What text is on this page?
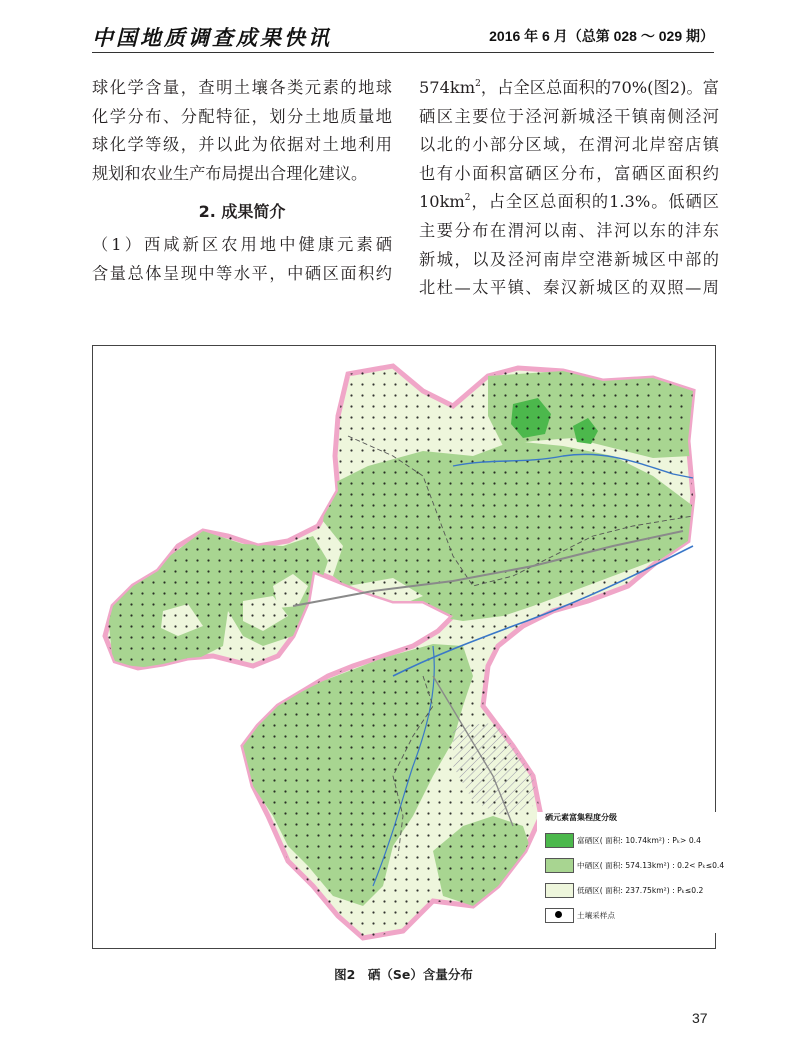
中国地质调查成果快讯	2016 年 6 月（总第 028 ～ 029 期）

球化学含量，查明土壤各类元素的地球
化学分布、分配特征，划分土地质量地
球化学等级，并以此为依据对土地利用
规划和农业生产布局提出合理化建议。

2. 成果简介

（1）西咸新区农用地中健康元素硒
含量总体呈现中等水平，中硒区面积约

$574km^2$，占全区总面积的70%(图2)。富
硒区主要位于泾河新城泾干镇南侧泾河
以北的小部分区域，在渭河北岸窑店镇
也有小面积富硒区分布，富硒区面积约
$10km^2$，占全区总面积的1.3%。低硒区
主要分布在渭河以南、沣河以东的沣东
新城，以及泾河南岸空港新城区中部的
北杜—太平镇、秦汉新城区的双照—周

硒元素富集程度分级
富硒区( 面积: 10.74km²) : Pₖ> 0.4
中硒区( 面积: 574.13km²) : 0.2< Pₖ≤0.4
低硒区( 面积: 237.75km²) : Pₖ≤0.2
土壤采样点
图2　硒（Se）含量分布
37
